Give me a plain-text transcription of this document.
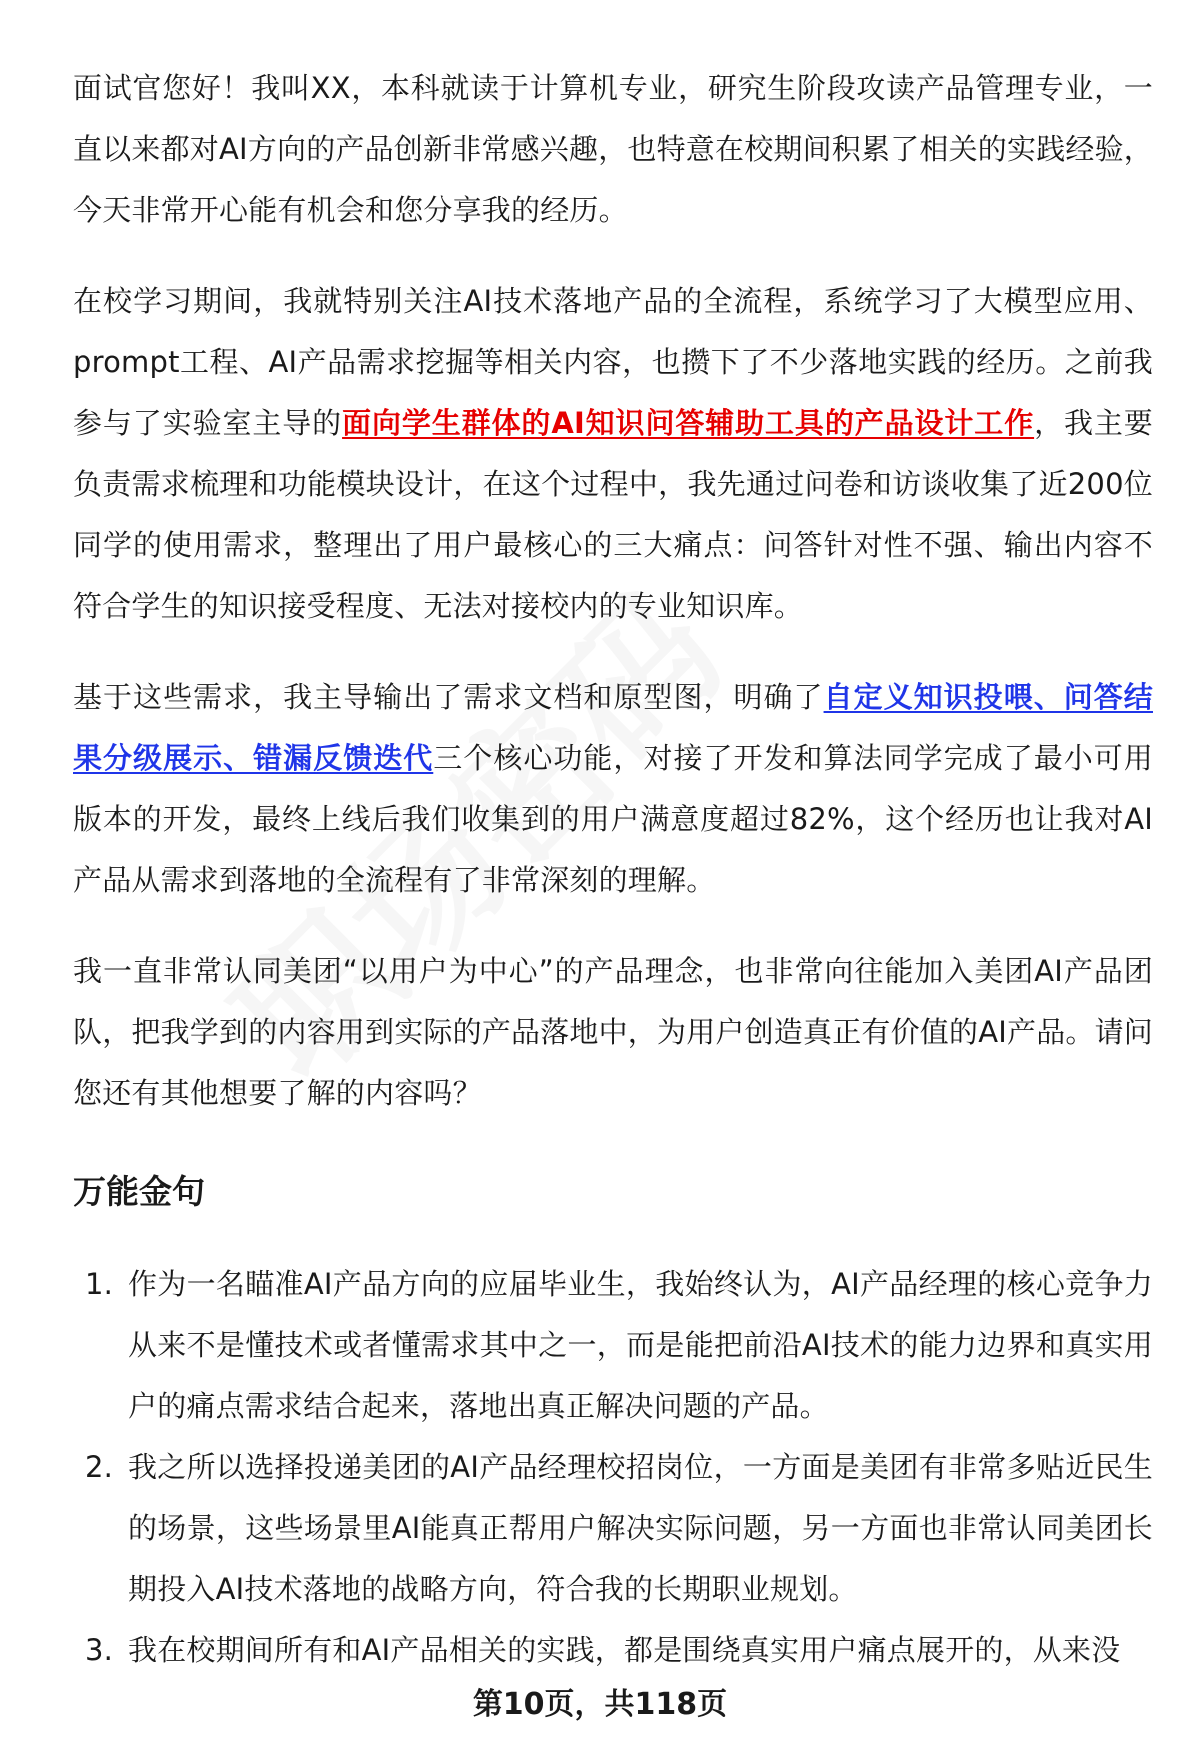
面试官您好！我叫XX，本科就读于计算机专业，研究生阶段攻读产品管理专业，一直以来都对AI方向的产品创新非常感兴趣，也特意在校期间积累了相关的实践经验，今天非常开心能有机会和您分享我的经历。

在校学习期间，我就特别关注AI技术落地产品的全流程，系统学习了大模型应用、prompt工程、AI产品需求挖掘等相关内容，也攒下了不少落地实践的经历。之前我参与了实验室主导的面向学生群体的AI知识问答辅助工具的产品设计工作，我主要负责需求梳理和功能模块设计，在这个过程中，我先通过问卷和访谈收集了近200位同学的使用需求，整理出了用户最核心的三大痛点：问答针对性不强、输出内容不符合学生的知识接受程度、无法对接校内的专业知识库。

基于这些需求，我主导输出了需求文档和原型图，明确了自定义知识投喂、问答结果分级展示、错漏反馈迭代三个核心功能，对接了开发和算法同学完成了最小可用版本的开发，最终上线后我们收集到的用户满意度超过82%，这个经历也让我对AI产品从需求到落地的全流程有了非常深刻的理解。

我一直非常认同美团“以用户为中心”的产品理念，也非常向往能加入美团AI产品团队，把我学到的内容用到实际的产品落地中，为用户创造真正有价值的AI产品。请问您还有其他想要了解的内容吗？

万能金句
1. 作为一名瞄准AI产品方向的应届毕业生，我始终认为，AI产品经理的核心竞争力从来不是懂技术或者懂需求其中之一，而是能把前沿AI技术的能力边界和真实用户的痛点需求结合起来，落地出真正解决问题的产品。
2. 我之所以选择投递美团的AI产品经理校招岗位，一方面是美团有非常多贴近民生的场景，这些场景里AI能真正帮用户解决实际问题，另一方面也非常认同美团长期投入AI技术落地的战略方向，符合我的长期职业规划。
3. 我在校期间所有和AI产品相关的实践，都是围绕真实用户痛点展开的，从来没
第10页，共118页
